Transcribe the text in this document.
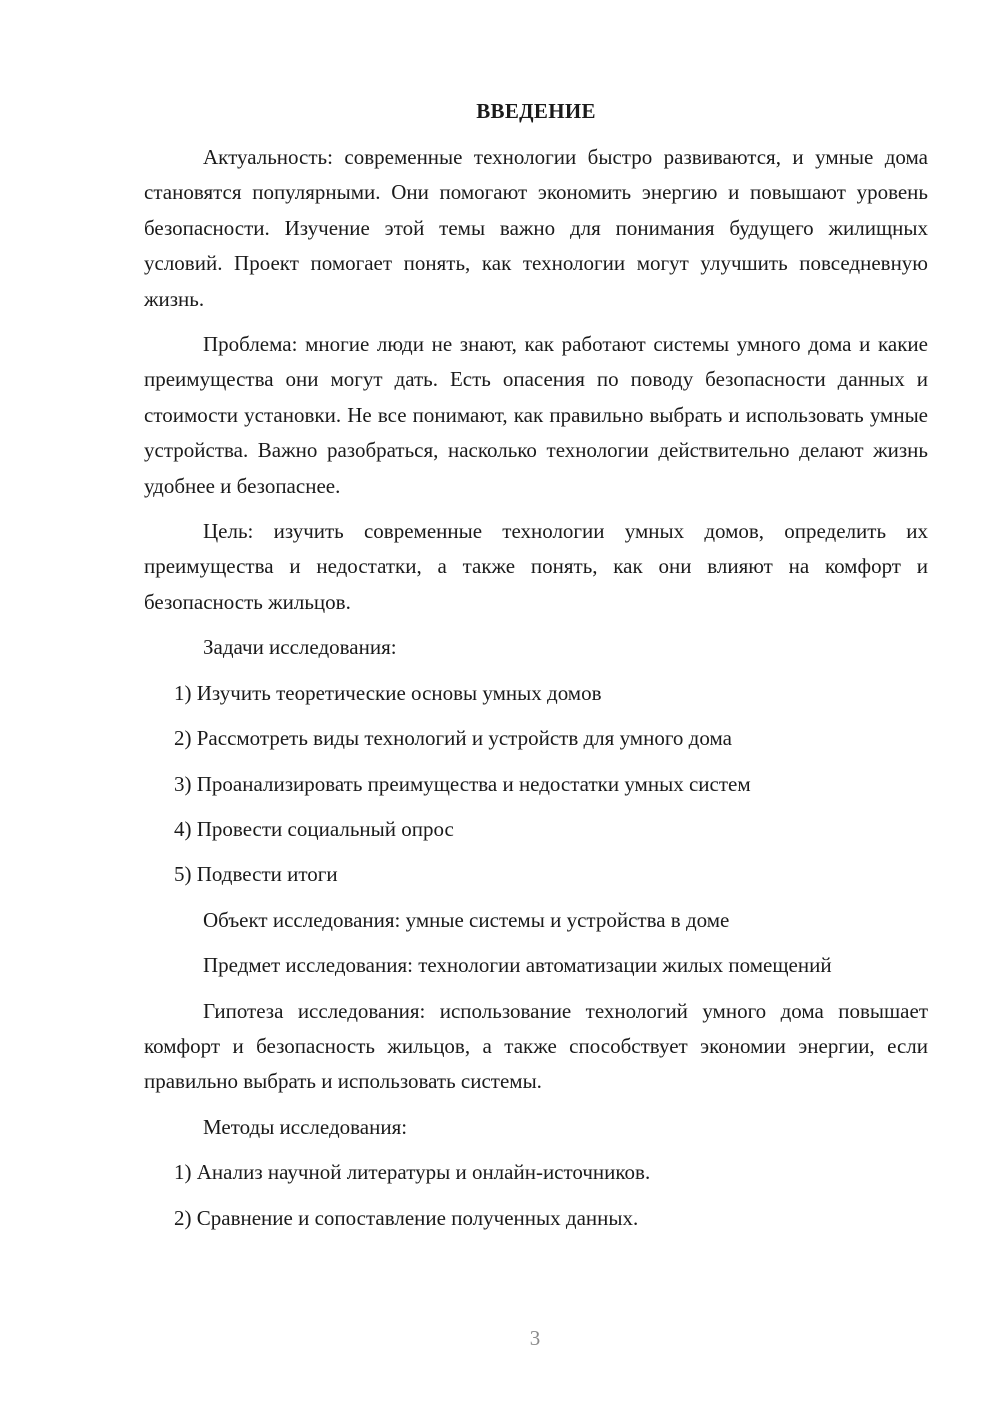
ВВЕДЕНИЕ

Актуальность: современные технологии быстро развиваются, и умные дома становятся популярными. Они помогают экономить энергию и повышают уровень безопасности. Изучение этой темы важно для понимания будущего жилищных условий. Проект помогает понять, как технологии могут улучшить повседневную жизнь.

Проблема: многие люди не знают, как работают системы умного дома и какие преимущества они могут дать. Есть опасения по поводу безопасности данных и стоимости установки. Не все понимают, как правильно выбрать и использовать умные устройства. Важно разобраться, насколько технологии действительно делают жизнь удобнее и безопаснее.

Цель: изучить современные технологии умных домов, определить их преимущества и недостатки, а также понять, как они влияют на комфорт и безопасность жильцов.

Задачи исследования:
1) Изучить теоретические основы умных домов
2) Рассмотреть виды технологий и устройств для умного дома
3) Проанализировать преимущества и недостатки умных систем
4) Провести социальный опрос
5) Подвести итоги

Объект исследования: умные системы и устройства в доме

Предмет исследования: технологии автоматизации жилых помещений

Гипотеза исследования: использование технологий умного дома повышает комфорт и безопасность жильцов, а также способствует экономии энергии, если правильно выбрать и использовать системы.

Методы исследования:
1) Анализ научной литературы и онлайн-источников.
2) Сравнение и сопоставление полученных данных.
3
